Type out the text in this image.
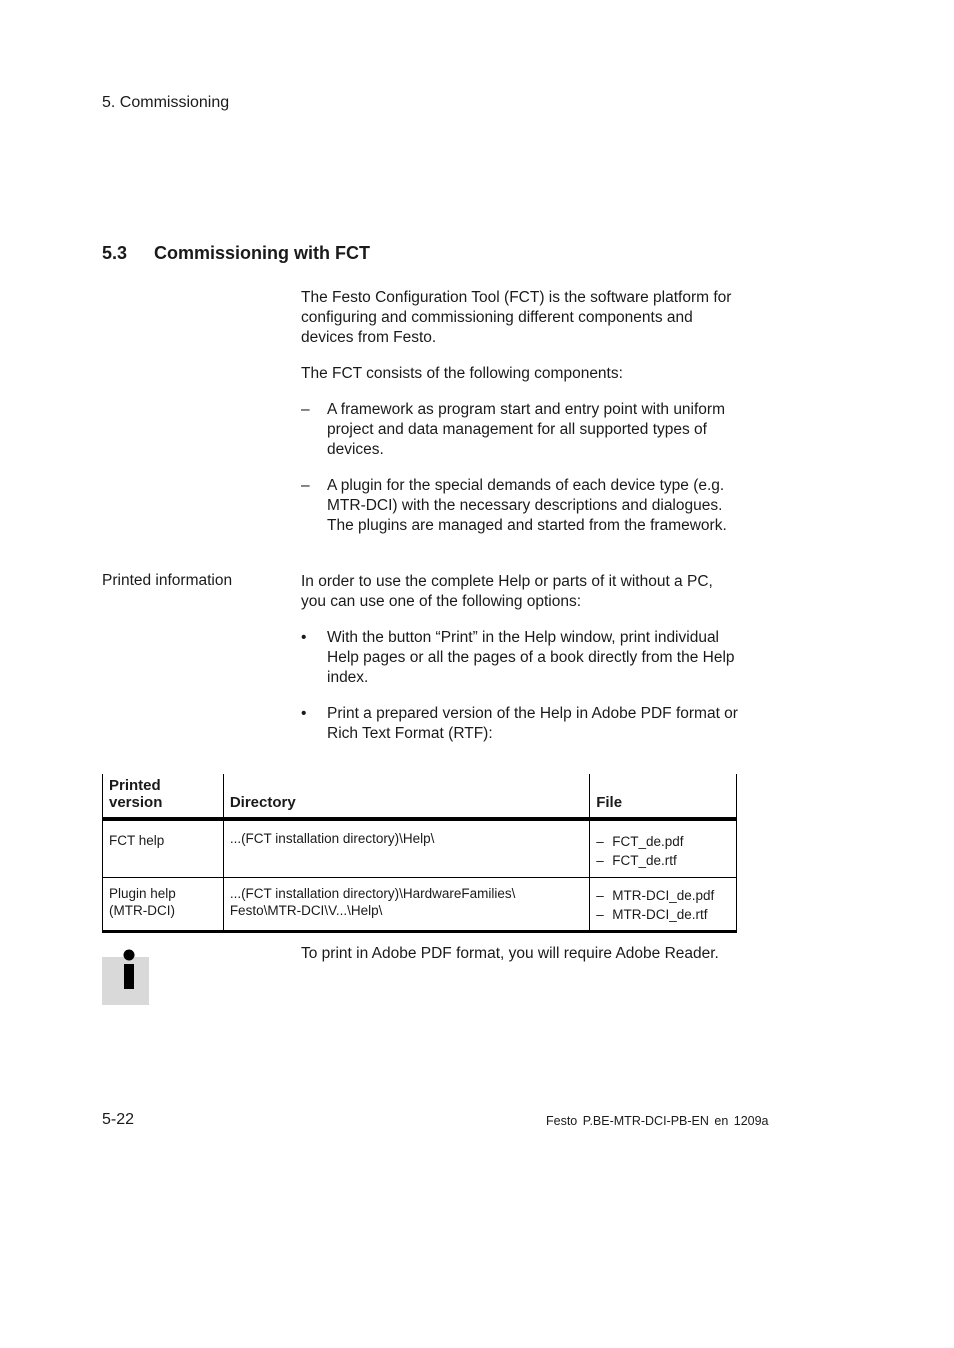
5. Commissioning
5.3 Commissioning with FCT
The Festo Configuration Tool (FCT) is the software platform for configuring and commissioning different components and devices from Festo.
The FCT consists of the following components:
–	A framework as program start and entry point with uniform project and data management for all supported types of devices.
–	A plugin for the special demands of each device type (e.g. MTR-DCI) with the necessary descriptions and dialogues. The plugins are managed and started from the framework.
Printed information	In order to use the complete Help or parts of it without a PC, you can use one of the following options:
•	With the button “Print” in the Help window, print individual Help pages or all the pages of a book directly from the Help index.
•	Print a prepared version of the Help in Adobe PDF format or Rich Text Format (RTF):
Printed version	Directory	File

FCT help	...(FCT installation directory)\Help\	– FCT_de.pdf
– FCT_de.rtf

Plugin help
(MTR-DCI)	...(FCT installation directory)\HardwareFamilies\
Festo\MTR-DCI\V...\Help\	– MTR-DCI_de.pdf
– MTR-DCI_de.rtf
To print in Adobe PDF format, you will require Adobe Reader.
5-22	Festo P.BE-MTR-DCI-PB-EN en 1209a
